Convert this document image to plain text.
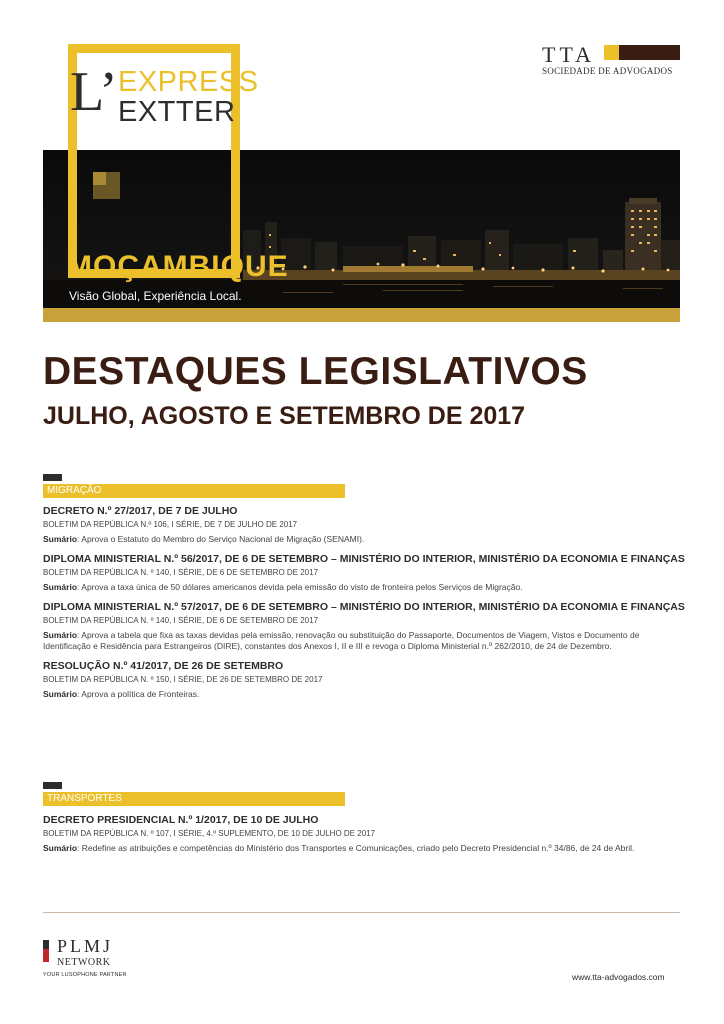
TTA
SOCIEDADE DE ADVOGADOS
L’ EXPRESS
EXTTER
MOÇAMBIQUE
Visão Global, Experiência Local.
DESTAQUES LEGISLATIVOS
JULHO, AGOSTO E SETEMBRO DE 2017
MIGRAÇÃO
DECRETO N.º 27/2017, DE 7 DE JULHO
BOLETIM DA REPÚBLICA N.º 106, I SÉRIE, DE 7 DE JULHO DE 2017
Sumário: Aprova o Estatuto do Membro do Serviço Nacional de Migração (SENAMI).
DIPLOMA MINISTERIAL N.º 56/2017, DE 6 DE SETEMBRO – MINISTÉRIO DO INTERIOR, MINISTÉRIO DA ECONOMIA E FINANÇAS
BOLETIM DA REPÚBLICA N. º 140, I SÉRIE, DE 6 DE SETEMBRO DE 2017
Sumário: Aprova a taxa única de 50 dólares americanos devida pela emissão do visto de fronteira pelos Serviços de Migração.
DIPLOMA MINISTERIAL N.º 57/2017, DE 6 DE SETEMBRO – MINISTÉRIO DO INTERIOR, MINISTÉRIO DA ECONOMIA E FINANÇAS
BOLETIM DA REPÚBLICA N. º 140, I SÉRIE, DE 6 DE SETEMBRO DE 2017
Sumário: Aprova a tabela que fixa as taxas devidas pela emissão, renovação ou substituição do Passaporte, Documentos de Viagem, Vistos e Documento de Identificação e Residência para Estrangeiros (DIRE), constantes dos Anexos I, II e III e revoga o Diploma Ministerial n.º 262/2010, de 24 de Dezembro.
RESOLUÇÃO N.º 41/2017, DE 26 DE SETEMBRO
BOLETIM DA REPÚBLICA N. º 150, I SÉRIE, DE 26 DE SETEMBRO DE 2017
Sumário: Aprova a política de Fronteiras.
TRANSPORTES
DECRETO PRESIDENCIAL N.º 1/2017, DE 10 DE JULHO
BOLETIM DA REPÚBLICA N. º 107, I SÉRIE, 4.º SUPLEMENTO, DE 10 DE JULHO DE 2017
Sumário: Redefine as atribuições e competências do Ministério dos Transportes e Comunicações, criado pelo Decreto Presidencial n.º 34/86, de 24 de Abril.
PLMJ
NETWORK
YOUR LUSOPHONE PARTNER	www.tta-advogados.com
